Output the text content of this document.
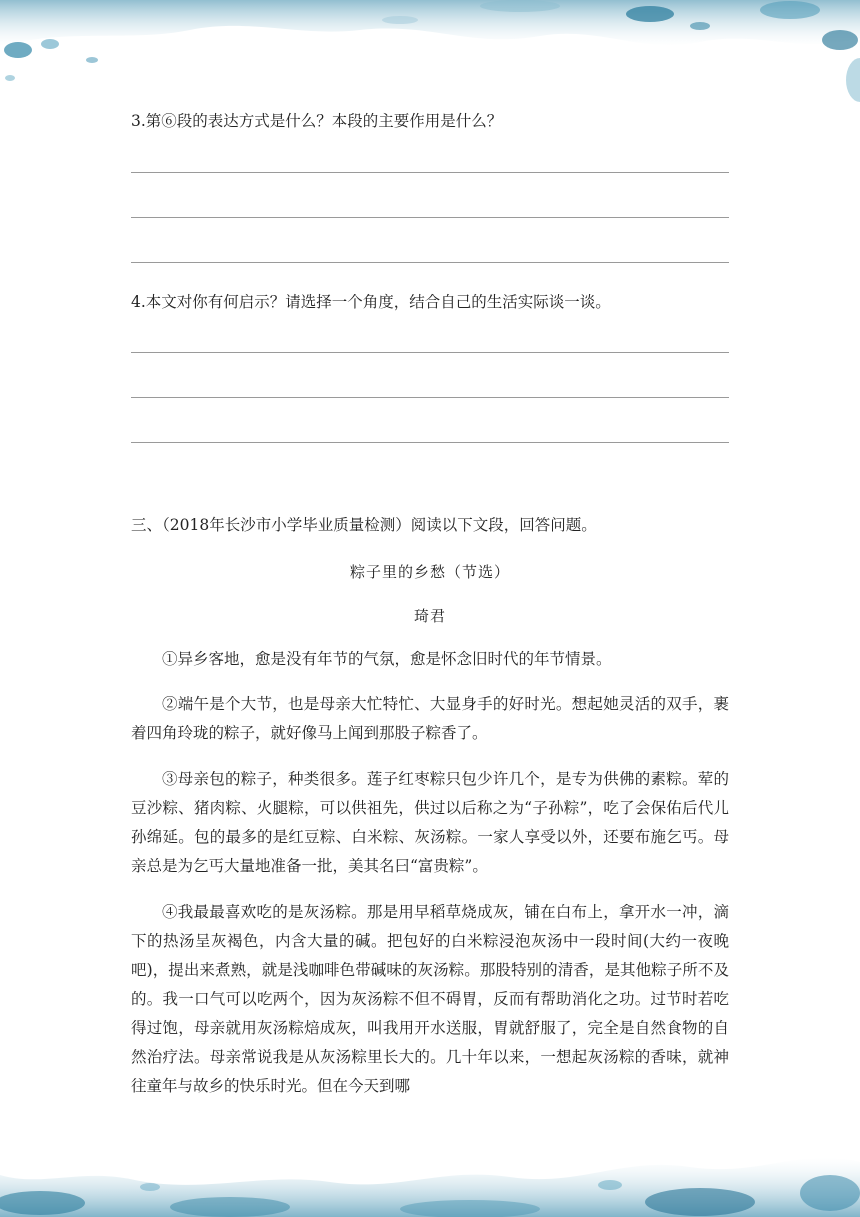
3.第⑥段的表达方式是什么？本段的主要作用是什么？
4.本文对你有何启示？请选择一个角度，结合自己的生活实际谈一谈。
三、（2018年长沙市小学毕业质量检测）阅读以下文段，回答问题。
粽子里的乡愁（节选）
琦君

①异乡客地，愈是没有年节的气氛，愈是怀念旧时代的年节情景。

②端午是个大节，也是母亲大忙特忙、大显身手的好时光。想起她灵活的双手，裹着四角玲珑的粽子，就好像马上闻到那股子粽香了。

③母亲包的粽子，种类很多。莲子红枣粽只包少许几个，是专为供佛的素粽。荤的豆沙粽、猪肉粽、火腿粽，可以供祖先，供过以后称之为“子孙粽”，吃了会保佑后代儿孙绵延。包的最多的是红豆粽、白米粽、灰汤粽。一家人享受以外，还要布施乞丐。母亲总是为乞丐大量地准备一批，美其名曰“富贵粽”。

④我最最喜欢吃的是灰汤粽。那是用早稻草烧成灰，铺在白布上，拿开水一冲，滴下的热汤呈灰褐色，内含大量的碱。把包好的白米粽浸泡灰汤中一段时间(大约一夜晚吧)，提出来煮熟，就是浅咖啡色带碱味的灰汤粽。那股特别的清香，是其他粽子所不及的。我一口气可以吃两个，因为灰汤粽不但不碍胃，反而有帮助消化之功。过节时若吃得过饱，母亲就用灰汤粽焙成灰，叫我用开水送服，胃就舒服了，完全是自然食物的自然治疗法。母亲常说我是从灰汤粽里长大的。几十年以来，一想起灰汤粽的香味，就神往童年与故乡的快乐时光。但在今天到哪
